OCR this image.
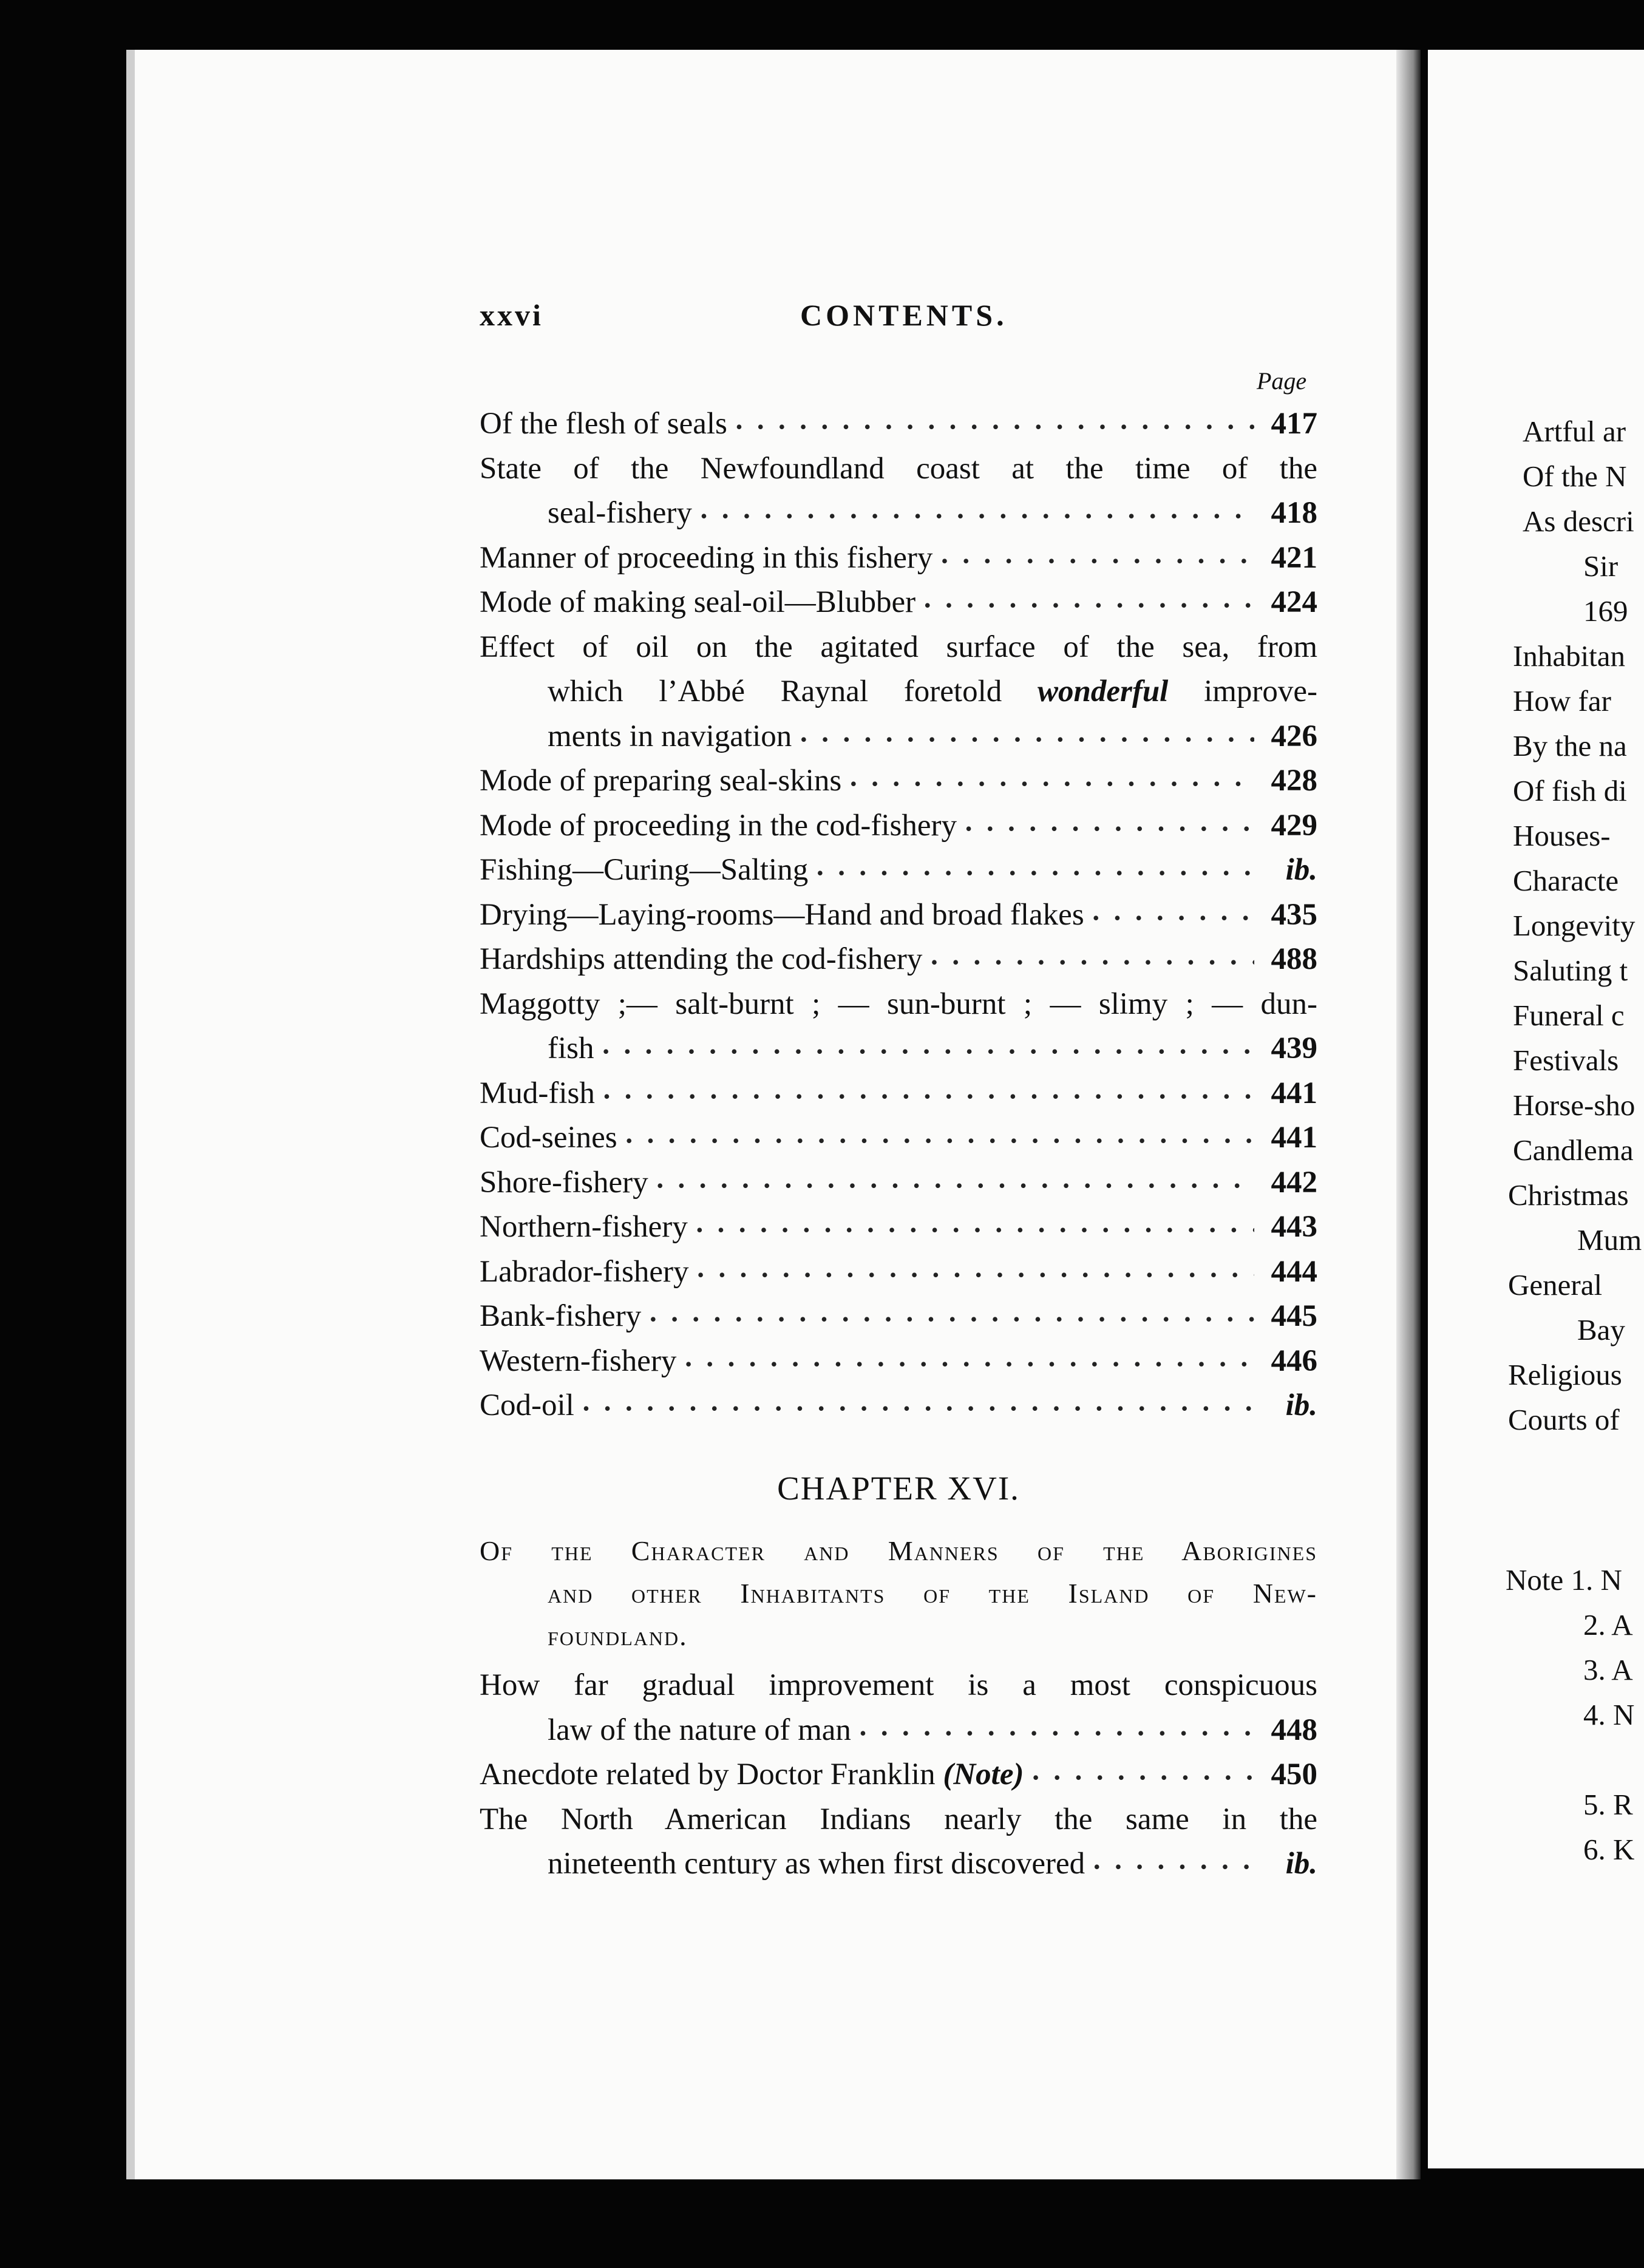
xxvi	CONTENTS.
Page
Of the flesh of seals • • •	417
State of the Newfoundland coast at the time of the
seal-fishery • • •	418
Manner of proceeding in this fishery • • •	421
Mode of making seal-oil—Blubber • • •	424
Effect of oil on the agitated surface of the sea, from
which l’Abbé Raynal foretold wonderful improve-
ments in navigation • • •	426
Mode of preparing seal-skins • • •	428
Mode of proceeding in the cod-fishery • • •	429
Fishing—Curing—Salting • • •	ib.
Drying—Laying-rooms—Hand and broad flakes • • •	435
Hardships attending the cod-fishery • • •	488
Maggotty ;— salt-burnt ; — sun-burnt ; — slimy ; — dun-
fish • • •	439
Mud-fish • • •	441
Cod-seines • • •	441
Shore-fishery • • •	442
Northern-fishery • • •	443
Labrador-fishery • • •	444
Bank-fishery • • •	445
Western-fishery • • •	446
Cod-oil • • •	ib.
CHAPTER XVI.
Of the Character and Manners of the Aborigines
and other Inhabitants of the Island of New-
foundland.
How far gradual improvement is a most conspicuous
law of the nature of man • • •	448
Anecdote related by Doctor Franklin
(Note) • • •	450
The North American Indians nearly the same in the
nineteenth century as when first discovered • • •	ib.
Artful ar
Of the N
As descri
Sir
169
Inhabitan
How far
By the na
Of fish di
Houses-
Characte
Longevity
Saluting t
Funeral c
Festivals
Horse-sho
Candlema
Christmas
Mum
General
Bay
Religious
Courts of
Note 1. N
2. A
3. A
4. N
5. R
6. K
